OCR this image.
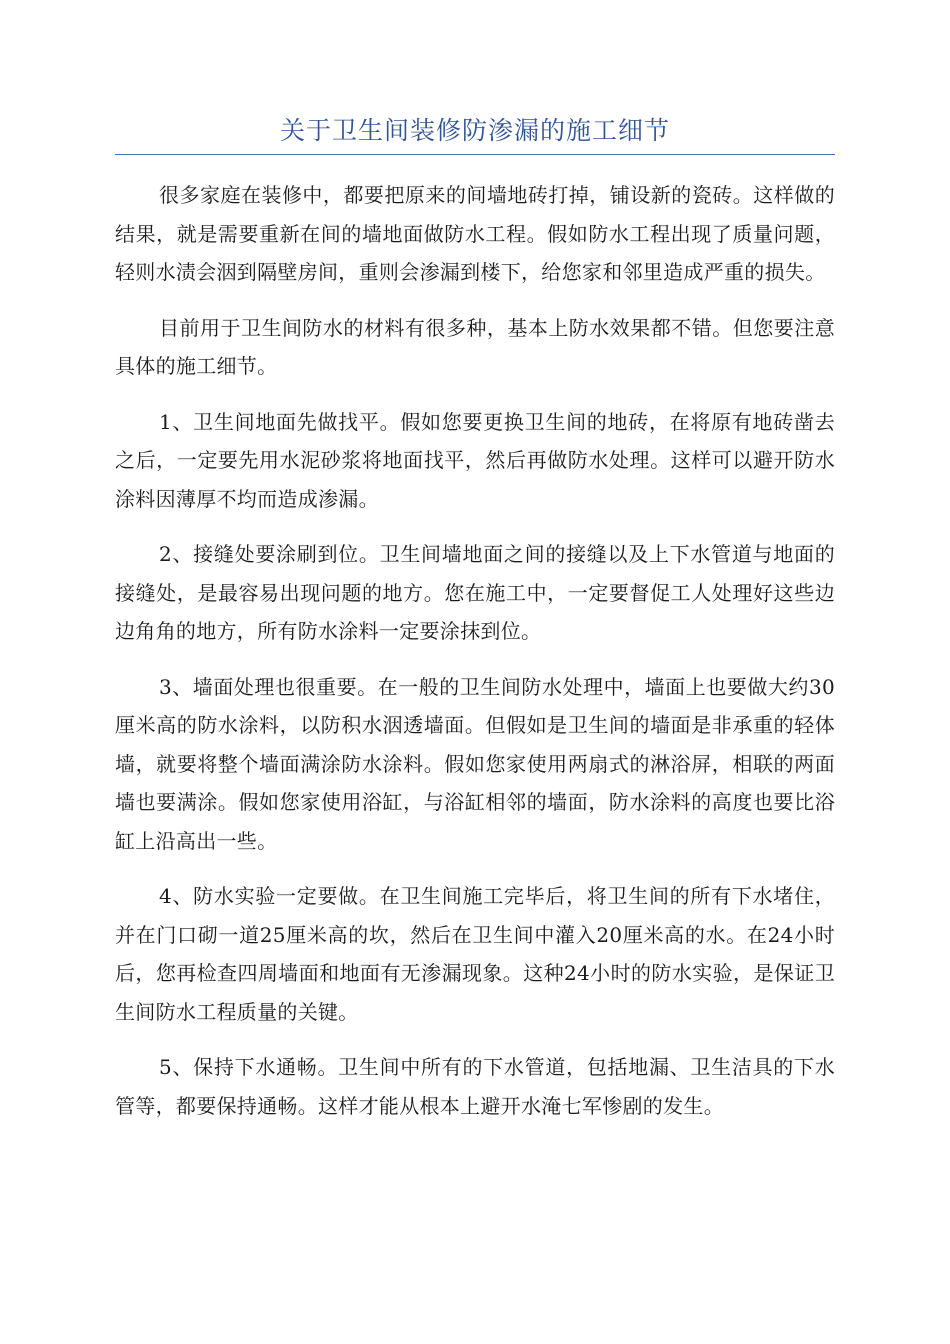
关于卫生间装修防渗漏的施工细节

很多家庭在装修中，都要把原来的间墙地砖打掉，铺设新的瓷砖。这样做的结果，就是需要重新在间的墙地面做防水工程。假如防水工程出现了质量问题，轻则水渍会洇到隔壁房间，重则会渗漏到楼下，给您家和邻里造成严重的损失。

目前用于卫生间防水的材料有很多种，基本上防水效果都不错。但您要注意具体的施工细节。

1、卫生间地面先做找平。假如您要更换卫生间的地砖，在将原有地砖凿去之后，一定要先用水泥砂浆将地面找平，然后再做防水处理。这样可以避开防水涂料因薄厚不均而造成渗漏。

2、接缝处要涂刷到位。卫生间墙地面之间的接缝以及上下水管道与地面的接缝处，是最容易出现问题的地方。您在施工中，一定要督促工人处理好这些边边角角的地方，所有防水涂料一定要涂抹到位。

3、墙面处理也很重要。在一般的卫生间防水处理中，墙面上也要做大约30厘米高的防水涂料，以防积水洇透墙面。但假如是卫生间的墙面是非承重的轻体墙，就要将整个墙面满涂防水涂料。假如您家使用两扇式的淋浴屏，相联的两面墙也要满涂。假如您家使用浴缸，与浴缸相邻的墙面，防水涂料的高度也要比浴缸上沿高出一些。

4、防水实验一定要做。在卫生间施工完毕后，将卫生间的所有下水堵住，并在门口砌一道25厘米高的坎，然后在卫生间中灌入20厘米高的水。在24小时后，您再检查四周墙面和地面有无渗漏现象。这种24小时的防水实验，是保证卫生间防水工程质量的关键。

5、保持下水通畅。卫生间中所有的下水管道，包括地漏、卫生洁具的下水管等，都要保持通畅。这样才能从根本上避开水淹七军惨剧的发生。
